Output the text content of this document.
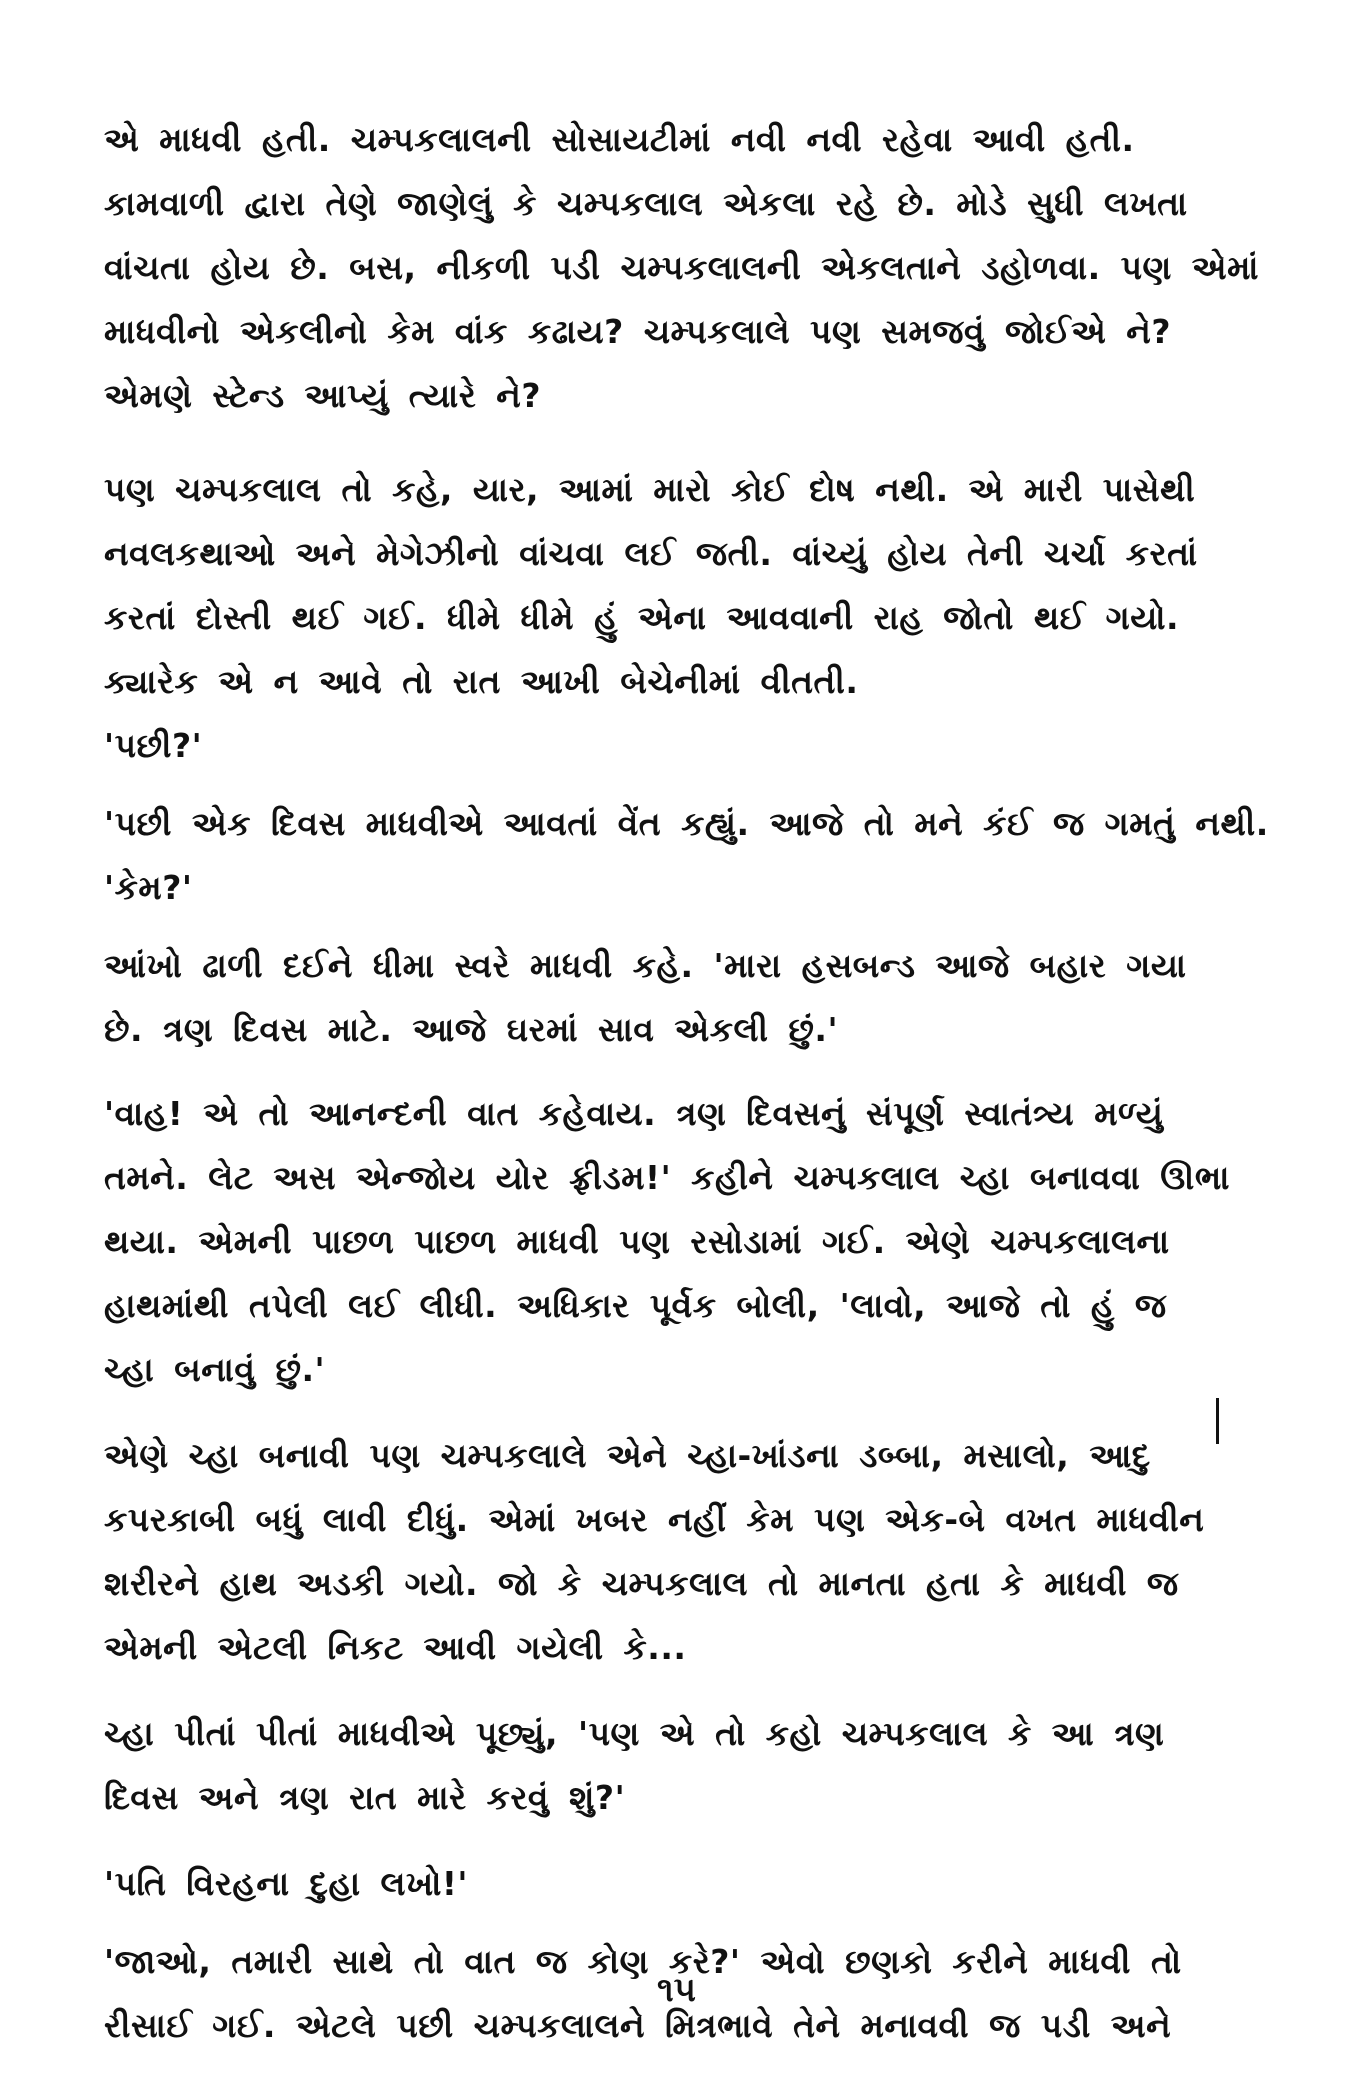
એ માધવી હતી. ચમ્પકલાલની સોસાયટીમાં નવી નવી રહેવા આવી હતી.
કામવાળી દ્વારા તેણે જાણેલું કે ચમ્પકલાલ એકલા રહે છે. મોડે સુધી લખતા
વાંચતા હોય છે. બસ, નીકળી પડી ચમ્પકલાલની એકલતાને ડહોળવા. પણ એમાં
માધવીનો એકલીનો કેમ વાંક કઢાય? ચમ્પકલાલે પણ સમજવું જોઈએ ને?
એમણે સ્ટેન્ડ આપ્યું ત્યારે ને?
પણ ચમ્પકલાલ તો કહે, યાર, આમાં મારો કોઈ દોષ નથી. એ મારી પાસેથી
નવલકથાઓ અને મેગેઝીનો વાંચવા લઈ જતી. વાંચ્યું હોય તેની ચર્ચા કરતાં
કરતાં દોસ્તી થઈ ગઈ. ધીમે ધીમે હું એના આવવાની રાહ જોતો થઈ ગયો.
ક્યારેક એ ન આવે તો રાત આખી બેચેનીમાં વીતતી.
'પછી?'
'પછી એક દિવસ માધવીએ આવતાં વેંત કહ્યું. આજે તો મને કંઈ જ ગમતું નથી.
'કેમ?'
આંખો ઢાળી દઈને ધીમા સ્વરે માધવી કહે. 'મારા હસબન્ડ આજે બહાર ગયા
છે. ત્રણ દિવસ માટે. આજે ઘરમાં સાવ એકલી છું.'
'વાહ! એ તો આનન્દની વાત કહેવાય. ત્રણ દિવસનું સંપૂર્ણ સ્વાતંત્ર્ય મળ્યું
તમને. લેટ અસ એન્જોય યોર ફ્રીડમ!' કહીને ચમ્પકલાલ ચ્હા બનાવવા ઊભા
થયા. એમની પાછળ પાછળ માધવી પણ રસોડામાં ગઈ. એણે ચમ્પકલાલના
હાથમાંથી તપેલી લઈ લીધી. અધિકાર પૂર્વક બોલી, 'લાવો, આજે તો હું જ
ચ્હા બનાવું છું.'
એણે ચ્હા બનાવી પણ ચમ્પકલાલે એને ચ્હા-ખાંડના ડબ્બા, મસાલો, આદુ
કપરકાબી બધું લાવી દીધું. એમાં ખબર નહીં કેમ પણ એક-બે વખત માધવીન
શરીરને હાથ અડકી ગયો. જો કે ચમ્પકલાલ તો માનતા હતા કે માધવી જ
એમની એટલી નિકટ આવી ગયેલી કે...
ચ્હા પીતાં પીતાં માધવીએ પૂછ્યું, 'પણ એ તો કહો ચમ્પકલાલ કે આ ત્રણ
દિવસ અને ત્રણ રાત મારે કરવું શું?'
'પતિ વિરહના દુહા લખો!'
'જાઓ, તમારી સાથે તો વાત જ કોણ કરે?' એવો છણકો કરીને માધવી તો
રીસાઈ ગઈ. એટલે પછી ચમ્પકલાલને મિત્રભાવે તેને મનાવવી જ પડી અને
૧૫
